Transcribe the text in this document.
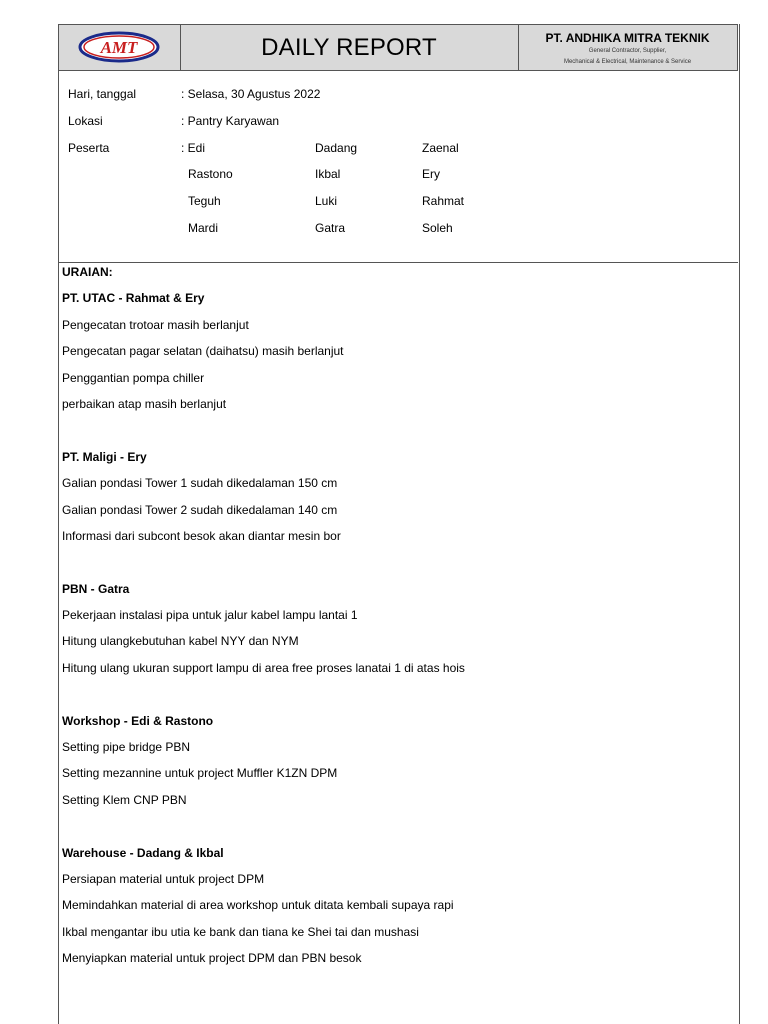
AMT	DAILY REPORT	PT. ANDHIKA MITRA TEKNIK
General Contractor, Supplier,
Mechanical & Electrical, Maintenance & Service
Hari, tanggal	: Selasa, 30 Agustus 2022
Lokasi	: Pantry Karyawan
Peserta	: Edi	Dadang	Zaenal
Rastono	Ikbal	Ery
Teguh	Luki	Rahmat
Mardi	Gatra	Soleh
URAIAN:
PT. UTAC - Rahmat & Ery
Pengecatan trotoar masih berlanjut
Pengecatan pagar selatan (daihatsu) masih berlanjut
Penggantian pompa chiller
perbaikan atap masih berlanjut
PT. Maligi - Ery
Galian pondasi Tower 1 sudah dikedalaman 150 cm
Galian pondasi Tower 2 sudah dikedalaman 140 cm
Informasi dari subcont besok akan diantar mesin bor
PBN - Gatra
Pekerjaan instalasi pipa untuk jalur kabel lampu lantai 1
Hitung ulangkebutuhan kabel NYY dan NYM
Hitung ulang ukuran support lampu di area free proses lanatai 1 di atas hois
Workshop - Edi & Rastono
Setting pipe bridge PBN
Setting mezannine untuk project Muffler K1ZN DPM
Setting Klem CNP PBN
Warehouse - Dadang & Ikbal
Persiapan material untuk project DPM
Memindahkan material di area workshop untuk ditata kembali supaya rapi
Ikbal mengantar ibu utia ke bank dan tiana ke Shei tai dan mushasi
Menyiapkan material untuk project DPM dan PBN besok
